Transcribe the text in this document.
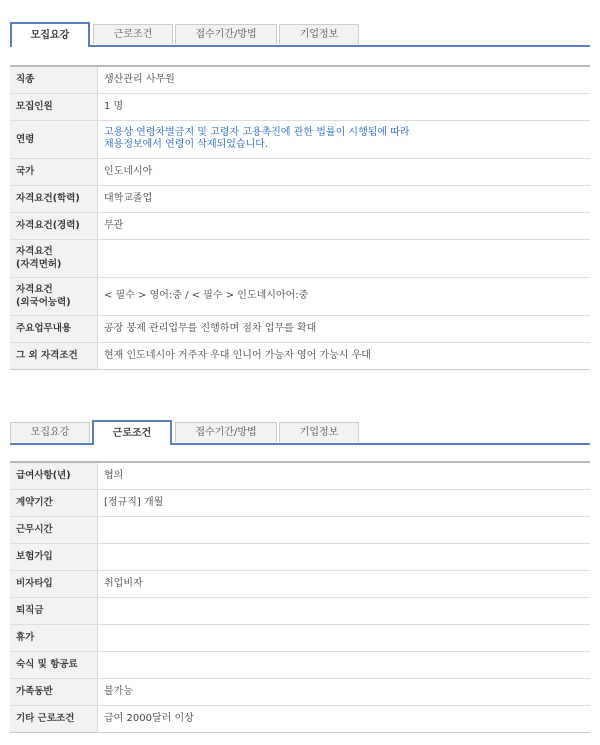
모집요강	근로조건	접수기간/방법	기업정보
직종	생산관리 사무원
모집인원	1 명
연령	고용상 연령차별금지 및 고령자 고용촉진에 관한 법률이 시행됨에 따라
채용정보에서 연령이 삭제되었습니다.
국가	인도네시아
자격요건(학력)	대학교졸업
자격요건(경력)	무관
자격요건
(자격면허)	
자격요건
(외국어능력)	< 필수 > 영어:중 / < 필수 > 인도네시아어:중
주요업무내용	공장 봉제 관리업무를 진행하며 점차 업무를 확대
그 외 자격조건	현재 인도네시아 거주자 우대 인니어 가능자 영어 가능시 우대
모집요강	근로조건	접수기간/방법	기업정보
급여사항(년)	협의
계약기간	[정규직] 개월
근무시간	
보험가입	
비자타입	취업비자
퇴직금	
휴가	
숙식 및 항공료	
가족동반	불가능
기타 근로조건	급여 2000달러 이상
